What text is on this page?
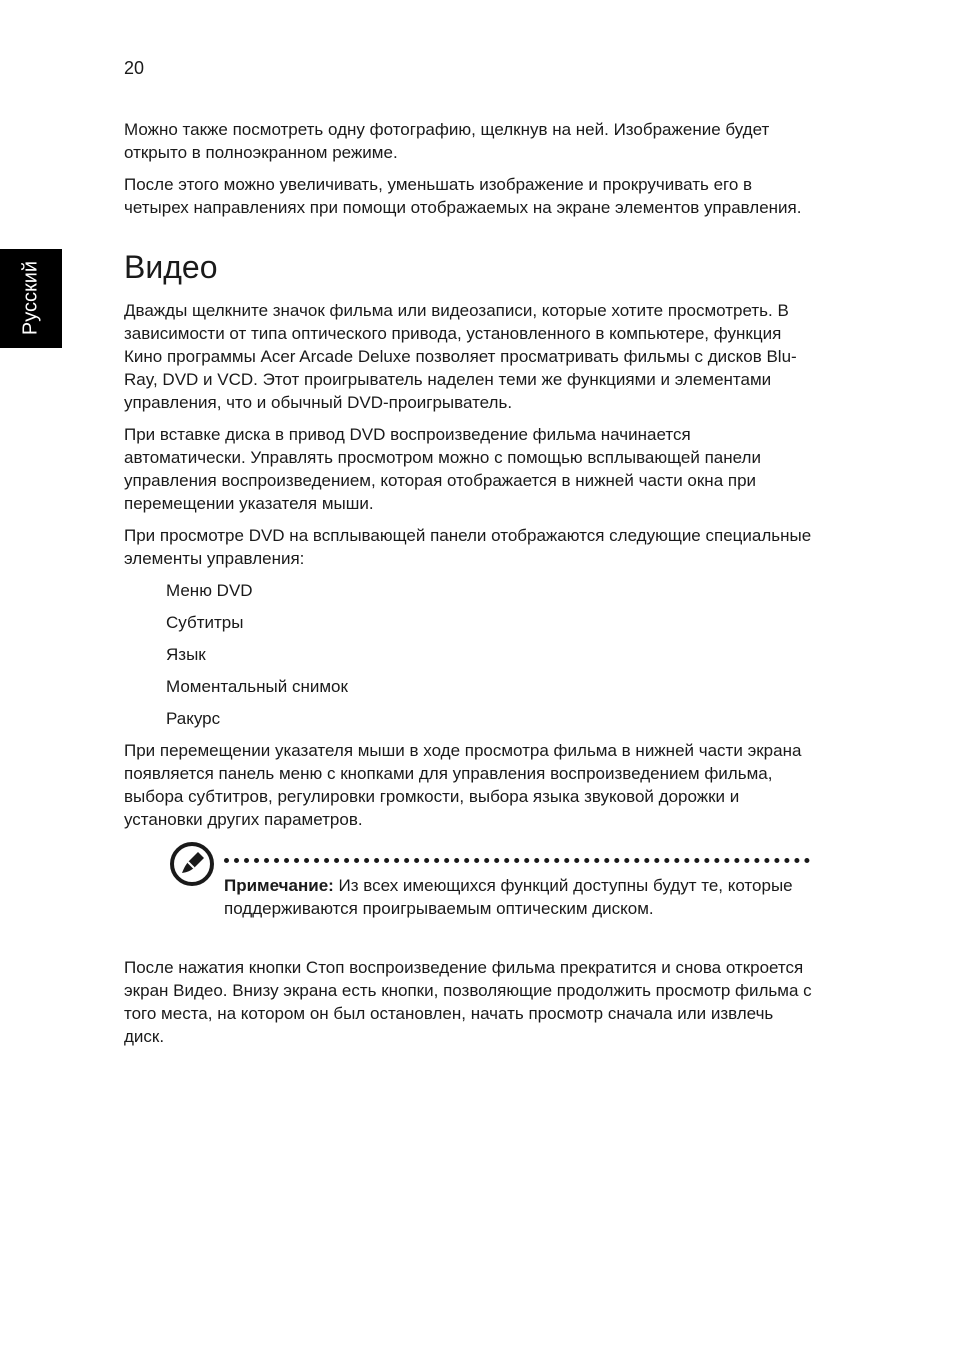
20
Русский

Можно также посмотреть одну фотографию, щелкнув на ней. Изображение будет открыто в полноэкранном режиме.

После этого можно увеличивать, уменьшать изображение и прокручивать его в четырех направлениях при помощи отображаемых на экране элементов управления.

Видео

Дважды щелкните значок фильма или видеозаписи, которые хотите просмотреть. В зависимости от типа оптического привода, установленного в компьютере, функция Кино программы Acer Arcade Deluxe позволяет просматривать фильмы с дисков Blu-Ray, DVD и VCD. Этот проигрыватель наделен теми же функциями и элементами управления, что и обычный DVD-проигрыватель.

При вставке диска в привод DVD воспроизведение фильма начинается автоматически. Управлять просмотром можно с помощью всплывающей панели управления воспроизведением, которая отображается в нижней части окна при перемещении указателя мыши.

При просмотре DVD на всплывающей панели отображаются следующие специальные элементы управления:

Меню DVD
Субтитры
Язык
Моментальный снимок
Ракурс

При перемещении указателя мыши в ходе просмотра фильма в нижней части экрана появляется панель меню с кнопками для управления воспроизведением фильма, выбора субтитров, регулировки громкости, выбора языка звуковой дорожки и установки других параметров.

Примечание: Из всех имеющихся функций доступны будут те, которые поддерживаются проигрываемым оптическим диском.

После нажатия кнопки Стоп воспроизведение фильма прекратится и снова откроется экран Видео. Внизу экрана есть кнопки, позволяющие продолжить просмотр фильма с того места, на котором он был остановлен, начать просмотр сначала или извлечь диск.
